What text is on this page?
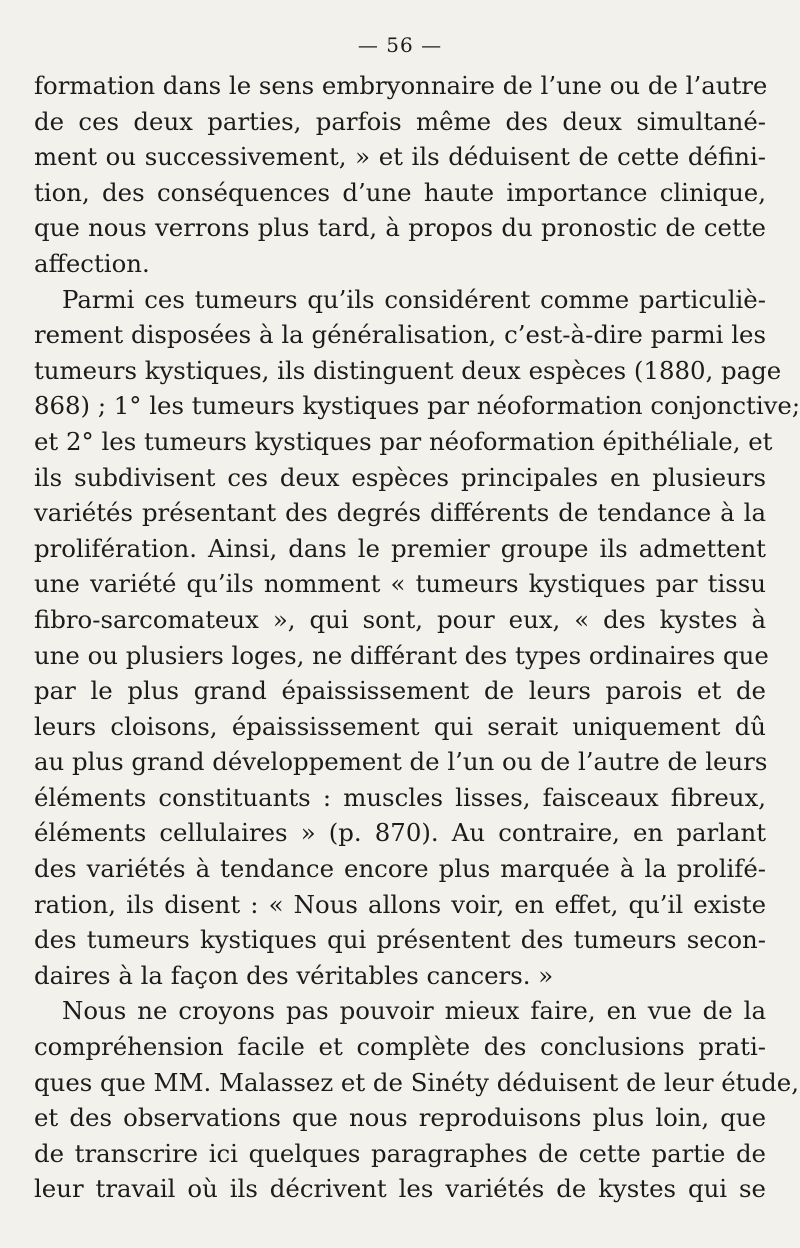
— 56 —
formation dans le sens embryonnaire de l’une ou de l’autre
de ces deux parties, parfois même des deux simultané-
ment ou successivement, » et ils déduisent de cette défini-
tion, des conséquences d’une haute importance clinique,
que nous verrons plus tard, à propos du pronostic de cette
affection.
Parmi ces tumeurs qu’ils considérent comme particuliè-
rement disposées à la généralisation, c’est-à-dire parmi les
tumeurs kystiques, ils distinguent deux espèces (1880, page
868) ; 1° les tumeurs kystiques par néoformation conjonctive;
et 2° les tumeurs kystiques par néoformation épithéliale, et
ils subdivisent ces deux espèces principales en plusieurs
variétés présentant des degrés différents de tendance à la
prolifération. Ainsi, dans le premier groupe ils admettent
une variété qu’ils nomment « tumeurs kystiques par tissu
fibro-sarcomateux », qui sont, pour eux, « des kystes à
une ou plusiers loges, ne différant des types ordinaires que
par le plus grand épaississement de leurs parois et de
leurs cloisons, épaississement qui serait uniquement dû
au plus grand développement de l’un ou de l’autre de leurs
éléments constituants : muscles lisses, faisceaux fibreux,
éléments cellulaires » (p. 870). Au contraire, en parlant
des variétés à tendance encore plus marquée à la prolifé-
ration, ils disent : « Nous allons voir, en effet, qu’il existe
des tumeurs kystiques qui présentent des tumeurs secon-
daires à la façon des véritables cancers. »
Nous ne croyons pas pouvoir mieux faire, en vue de la
compréhension facile et complète des conclusions prati-
ques que MM. Malassez et de Sinéty déduisent de leur étude,
et des observations que nous reproduisons plus loin, que
de transcrire ici quelques paragraphes de cette partie de
leur travail où ils décrivent les variétés de kystes qui se
